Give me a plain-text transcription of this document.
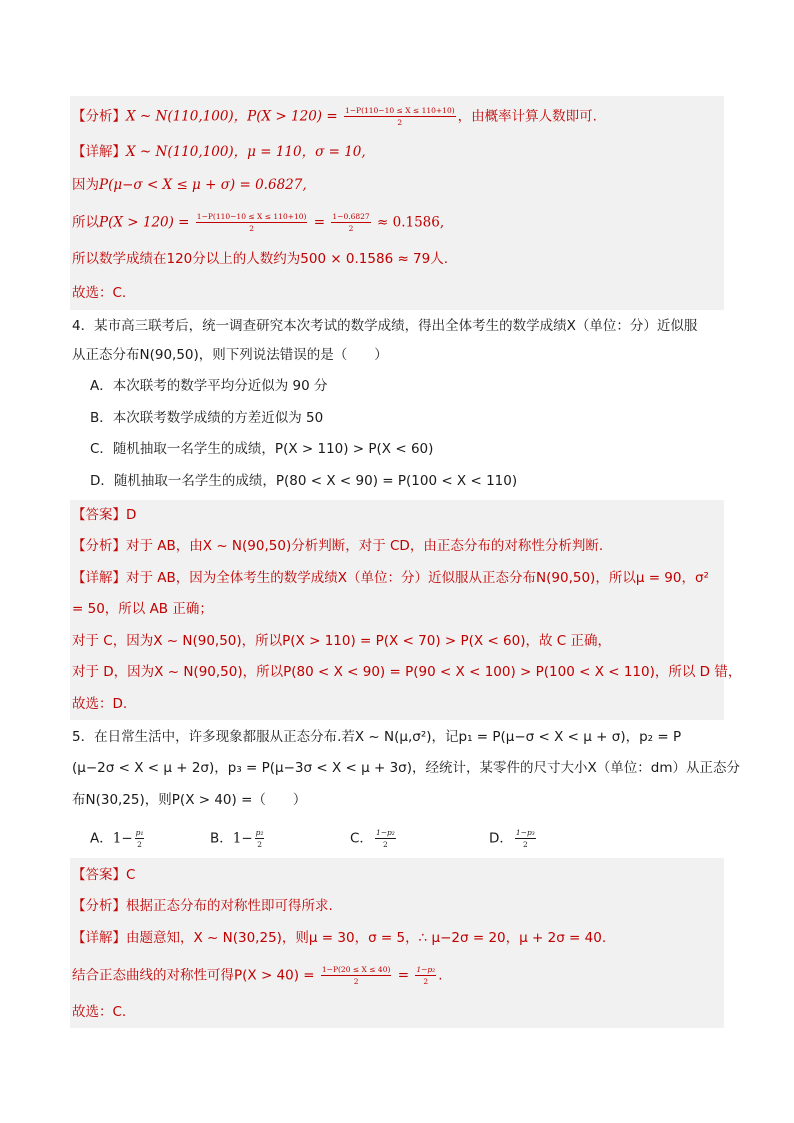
【分析】X ~ N(110,100)，$P(X > 120) = \frac{1-P(110-10 \le X \le 110+10)}{2}$ ，由概率计算人数即可.
【详解】X ~ N(110,100)，μ = 110，σ = 10,
因为P(μ−σ < X ≤ μ + σ) = 0.6827,
所以$P(X > 120) = \frac{1-P(110-10 \le X \le 110+10)}{2} = \frac{1-0.6827}{2} \approx 0.1586$,
所以数学成绩在120分以上的人数约为500 × 0.1586 ≈ 79人.
故选：C.
4．某市高三联考后，统一调查研究本次考试的数学成绩，得出全体考生的数学成绩X（单位：分）近似服
从正态分布N(90,50)，则下列说法错误的是（　　）
A．本次联考的数学平均分近似为 90 分
B．本次联考数学成绩的方差近似为 50
C．随机抽取一名学生的成绩，P(X > 110) > P(X < 60)
D．随机抽取一名学生的成绩，P(80 < X < 90) = P(100 < X < 110)
【答案】D
【分析】对于 AB，由X ~ N(90,50)分析判断，对于 CD，由正态分布的对称性分析判断.
【详解】对于 AB，因为全体考生的数学成绩X（单位：分）近似服从正态分布N(90,50)，所以μ = 90，σ²
= 50，所以 AB 正确；
对于 C，因为X ~ N(90,50)，所以P(X > 110) = P(X < 70) > P(X < 60)，故 C 正确，
对于 D，因为X ~ N(90,50)，所以P(80 < X < 90) = P(90 < X < 100) > P(100 < X < 110)，所以 D 错，
故选：D.
5．在日常生活中，许多现象都服从正态分布.若X ~ N(μ,σ²)，记p₁ = P(μ−σ < X < μ + σ)，p₂ = P
(μ−2σ < X < μ + 2σ)，p₃ = P(μ−3σ < X < μ + 3σ)，经统计，某零件的尺寸大小X（单位：dm）从正态分
布N(30,25)，则P(X > 40) =（　　）
A．$1- \frac{\text{p₁}}{2}$	B．$1- \frac{\text{p₂}}{2}$	C． $\frac{\text{1−p₂}}{2}$	D． $\frac{\text{1−p₃}}{2}$
【答案】C
【分析】根据正态分布的对称性即可得所求.
【详解】由题意知，X ~ N(30,25)，则μ = 30，σ = 5，∴ μ−2σ = 20，μ + 2σ = 40.
结合正态曲线的对称性可得$P(X > 40) = \frac{1-P(20 \le X \le 40)}{2} = \frac{\text{1−p₂}}{2}$ .
故选：C.
